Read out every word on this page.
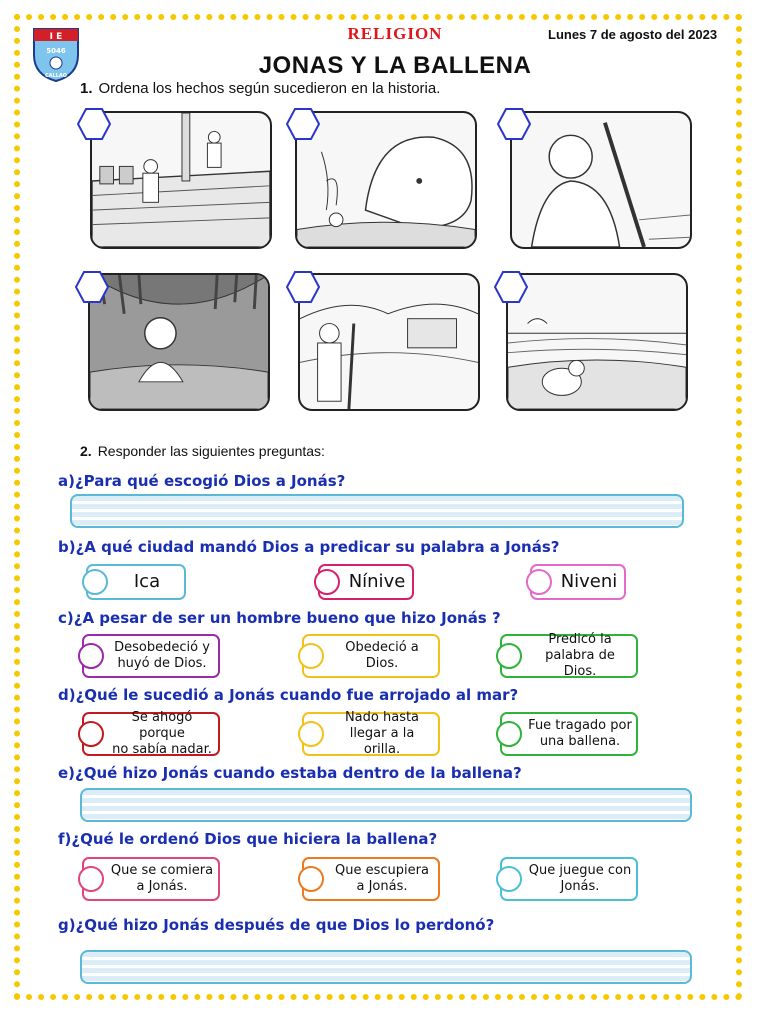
I E
5046
CALLAO
RELIGION	Lunes 7 de agosto del 2023
JONAS Y LA BALLENA
1. Ordena los hechos según sucedieron en la historia.
2. Responder las siguientes preguntas:
a)¿Para qué escogió Dios a Jonás?
b)¿A qué ciudad mandó Dios a predicar su palabra a Jonás?
Ica	Nínive	Niveni
c)¿A pesar de ser un hombre bueno que hizo Jonás ?
Desobedeció y
huyó de Dios.
Obedeció a
Dios.
Predicó la
palabra de Dios.
d)¿Qué le sucedió a Jonás cuando fue arrojado al mar?
Se ahogó porque
no sabía nadar.
Nado hasta
llegar a la orilla.
Fue tragado por
una ballena.
e)¿Qué hizo Jonás cuando estaba dentro de la ballena?
f)¿Qué le ordenó Dios que hiciera la ballena?
Que se comiera
a Jonás.
Que escupiera
a Jonás.
Que juegue con
Jonás.
g)¿Qué hizo Jonás después de que Dios lo perdonó?
